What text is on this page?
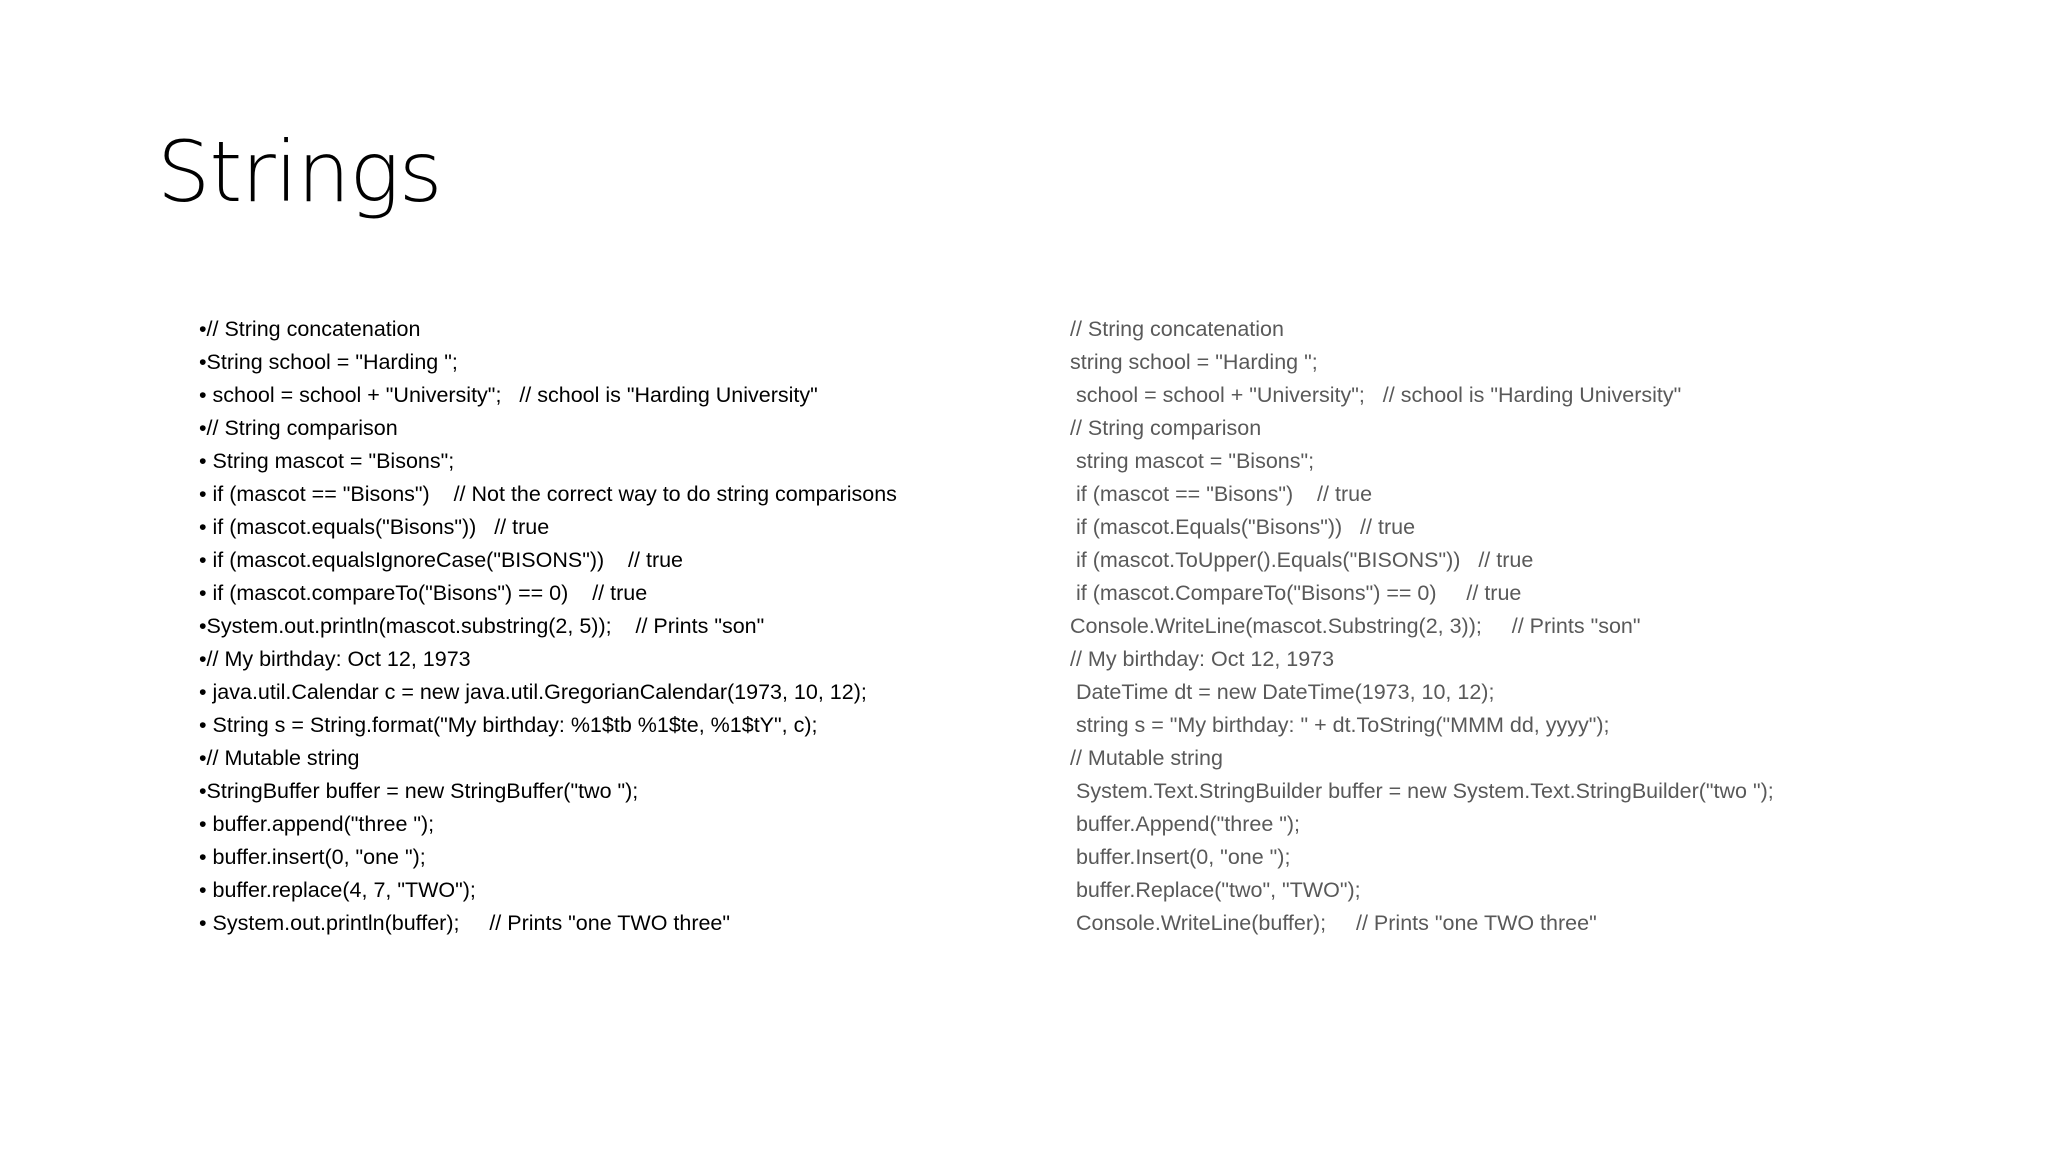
Strings
•// String concatenation
•String school = "Harding ";
• school = school + "University";   // school is "Harding University"
•// String comparison
• String mascot = "Bisons";
• if (mascot == "Bisons")    // Not the correct way to do string comparisons
• if (mascot.equals("Bisons"))   // true
• if (mascot.equalsIgnoreCase("BISONS"))    // true
• if (mascot.compareTo("Bisons") == 0)    // true
•System.out.println(mascot.substring(2, 5));    // Prints "son"
•// My birthday: Oct 12, 1973
• java.util.Calendar c = new java.util.GregorianCalendar(1973, 10, 12);
• String s = String.format("My birthday: %1$tb %1$te, %1$tY", c);
•// Mutable string
•StringBuffer buffer = new StringBuffer("two ");
• buffer.append("three ");
• buffer.insert(0, "one ");
• buffer.replace(4, 7, "TWO");
• System.out.println(buffer);     // Prints "one TWO three"
// String concatenation
string school = "Harding ";
school = school + "University";   // school is "Harding University"
// String comparison
string mascot = "Bisons";
if (mascot == "Bisons")    // true
if (mascot.Equals("Bisons"))   // true
if (mascot.ToUpper().Equals("BISONS"))   // true
if (mascot.CompareTo("Bisons") == 0)     // true
Console.WriteLine(mascot.Substring(2, 3));     // Prints "son"
// My birthday: Oct 12, 1973
DateTime dt = new DateTime(1973, 10, 12);
string s = "My birthday: " + dt.ToString("MMM dd, yyyy");
// Mutable string
System.Text.StringBuilder buffer = new System.Text.StringBuilder("two ");
buffer.Append("three ");
buffer.Insert(0, "one ");
buffer.Replace("two", "TWO");
Console.WriteLine(buffer);     // Prints "one TWO three"
